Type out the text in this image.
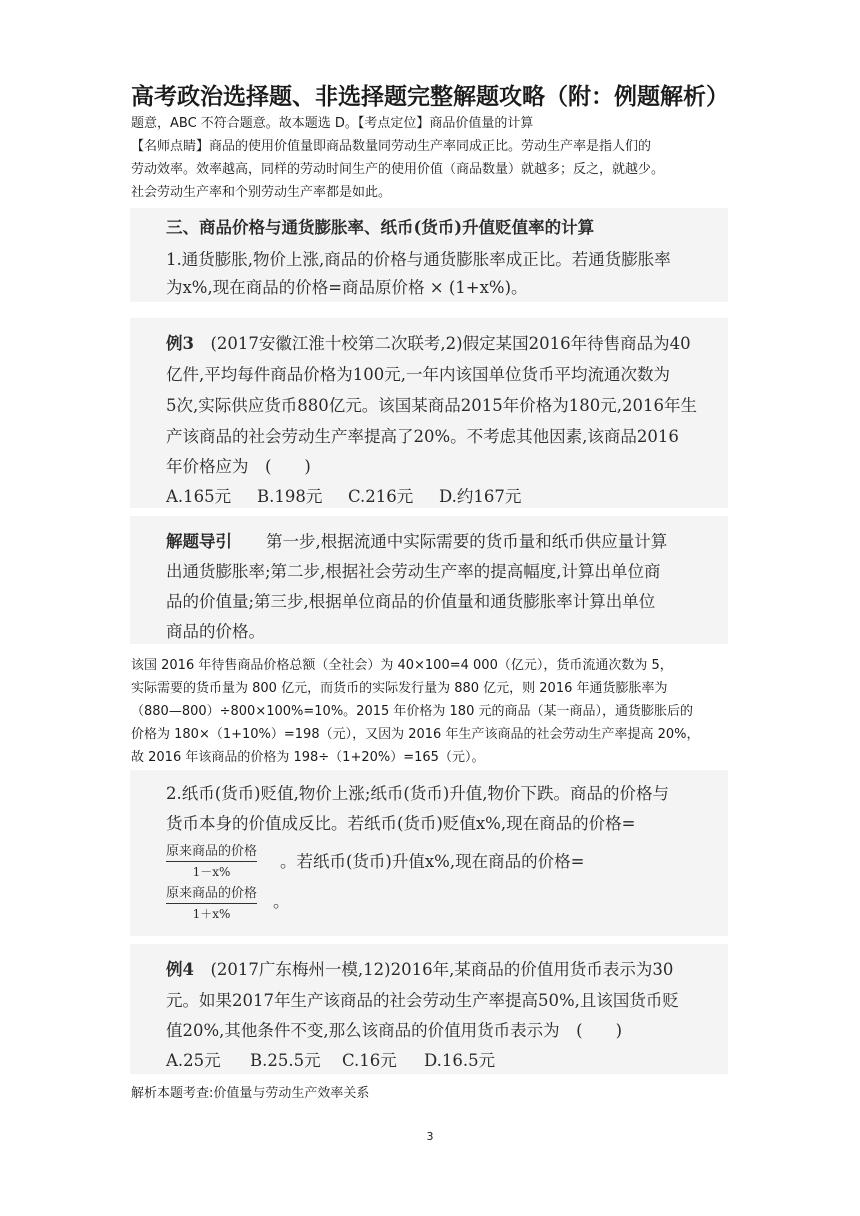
高考政治选择题、非选择题完整解题攻略（附：例题解析）
题意，ABC 不符合题意。故本题选 D。【考点定位】商品价值量的计算
【名师点睛】商品的使用价值量即商品数量同劳动生产率同成正比。劳动生产率是指人们的
劳动效率。效率越高，同样的劳动时间生产的使用价值（商品数量）就越多；反之，就越少。
社会劳动生产率和个别劳动生产率都是如此。
三、商品价格与通货膨胀率、纸币(货币)升值贬值率的计算
1.通货膨胀,物价上涨,商品的价格与通货膨胀率成正比。若通货膨胀率
为x%,现在商品的价格=商品原价格 × (1+x%)。
例3　 (2017安徽江淮十校第二次联考,2)假定某国2016年待售商品为40
亿件,平均每件商品价格为100元,一年内该国单位货币平均流通次数为
5次,实际供应货币880亿元。该国某商品2015年价格为180元,2016年生
产该商品的社会劳动生产率提高了20%。不考虑其他因素,该商品2016
年价格应为　(　　)
A.165元 B.198元 C.216元 D.约167元
解题导引 第一步,根据流通中实际需要的货币量和纸币供应量计算
出通货膨胀率;第二步,根据社会劳动生产率的提高幅度,计算出单位商
品的价值量;第三步,根据单位商品的价值量和通货膨胀率计算出单位
商品的价格。
该国 2016 年待售商品价格总额（全社会）为 40×100=4 000（亿元），货币流通次数为 5，
实际需要的货币量为 800 亿元，而货币的实际发行量为 880 亿元，则 2016 年通货膨胀率为
（880—800）÷800×100%=10%。2015 年价格为 180 元的商品（某一商品），通货膨胀后的
价格为 180×（1+10%）=198（元），又因为 2016 年生产该商品的社会劳动生产率提高 20%，
故 2016 年该商品的价格为 198÷（1+20%）=165（元）。
2.纸币(货币)贬值,物价上涨;纸币(货币)升值,物价下跌。商品的价格与
货币本身的价值成反比。若纸币(货币)贬值x%,现在商品的价格=
原来商品的价格
1－x%
。若纸币(货币)升值x%,现在商品的价格=
原来商品的价格
1＋x%
。
例4　 (2017广东梅州一模,12)2016年,某商品的价值用货币表示为30
元。如果2017年生产该商品的社会劳动生产率提高50%,且该国货币贬
值20%,其他条件不变,那么该商品的价值用货币表示为　(　　)
A.25元 B.25.5元 C.16元 D.16.5元
解析本题考查:价值量与劳动生产效率关系
3
